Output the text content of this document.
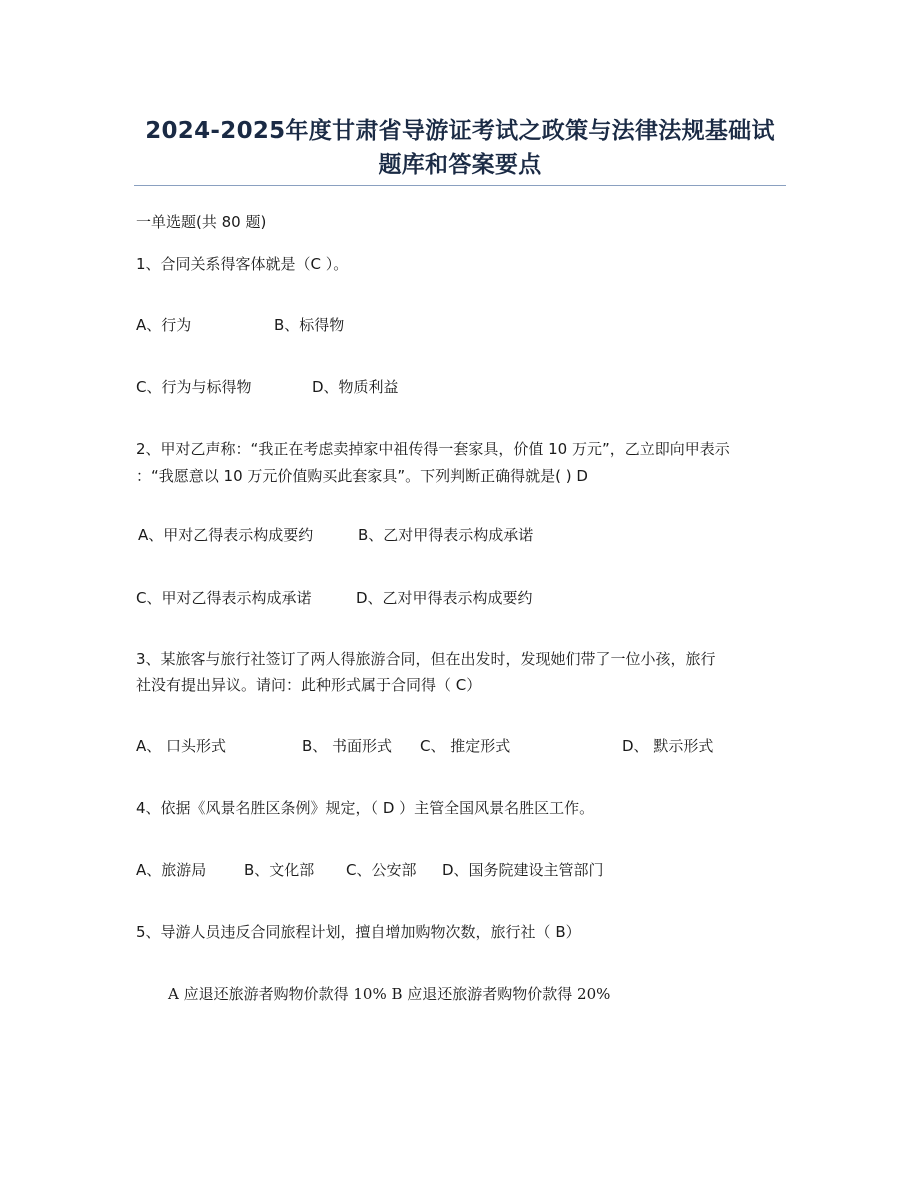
2024-2025年度甘肃省导游证考试之政策与法律法规基础试
题库和答案要点
一单选题(共 80 题)
1、合同关系得客体就是（C ）。
A、行为	B、标得物
C、行为与标得物	D、物质利益
2、甲对乙声称：“我正在考虑卖掉家中祖传得一套家具，价值 10 万元”，乙立即向甲表示
：“我愿意以 10 万元价值购买此套家具”。下列判断正确得就是( ) D
A、甲对乙得表示构成要约	B、乙对甲得表示构成承诺
C、甲对乙得表示构成承诺	D、乙对甲得表示构成要约
3、某旅客与旅行社签订了两人得旅游合同，但在出发时，发现她们带了一位小孩，旅行
社没有提出异议。请问：此种形式属于合同得（ C）
A、 口头形式	B、 书面形式 C、 推定形式	D、 默示形式
4、依据《风景名胜区条例》规定，（ D ）主管全国风景名胜区工作。
A、旅游局	B、文化部 C、公安部 D、国务院建设主管部门
5、导游人员违反合同旅程计划，擅自增加购物次数，旅行社（ B）
A 应退还旅游者购物价款得 10% B 应退还旅游者购物价款得 20%
